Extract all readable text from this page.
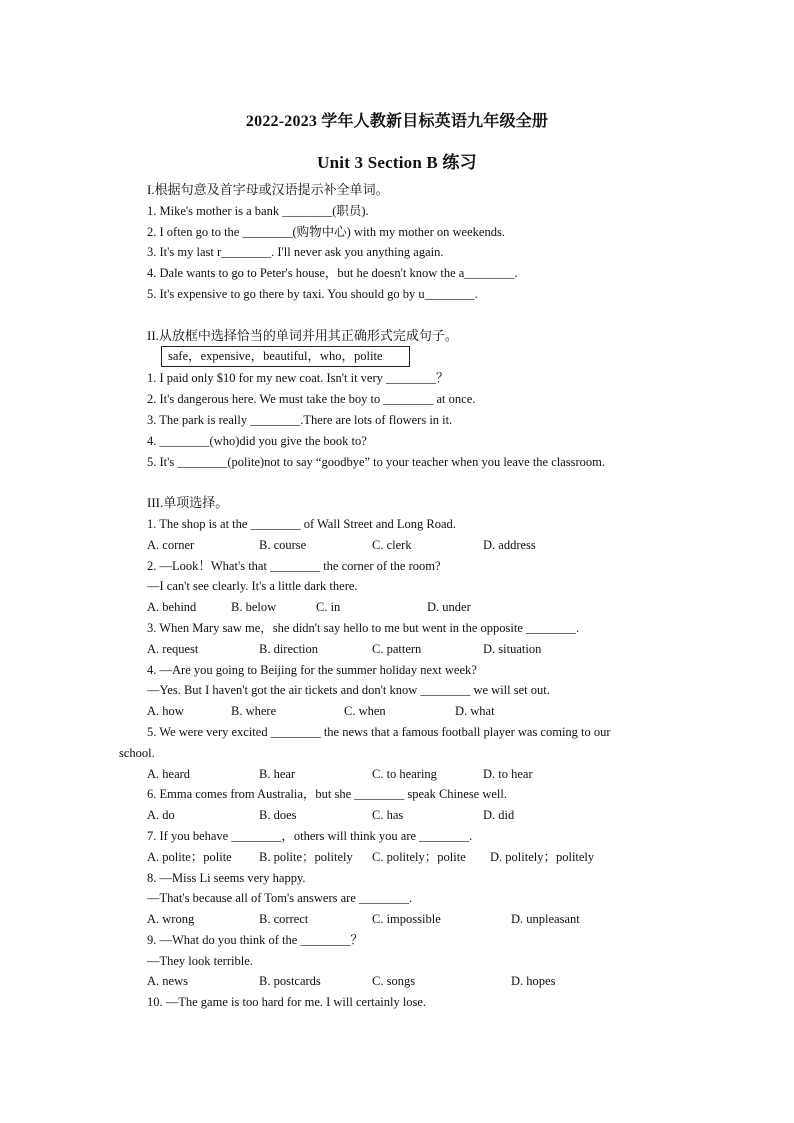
2022-2023 学年人教新目标英语九年级全册
Unit 3 Section B 练习
I.根据句意及首字母或汉语提示补全单词。
1. Mike's mother is a bank ________(职员).
2. I often go to the ________(购物中心) with my mother on weekends.
3. It's my last r________. I'll never ask you anything again.
4. Dale wants to go to Peter's house，but he doesn't know the a________.
5. It's expensive to go there by taxi. You should go by u________.
II.从放框中选择恰当的单词并用其正确形式完成句子。
safe，expensive，beautiful，who，polite
1. I paid only $10 for my new coat. Isn't it very ________？
2. It's dangerous here. We must take the boy to ________ at once.
3. The park is really ________.There are lots of flowers in it.
4. ________(who)did you give the book to?
5. It's ________(polite)not to say “goodbye” to your teacher when you leave the classroom.
III.单项选择。
1. The shop is at the ________ of Wall Street and Long Road.
A. corner	B. course	C. clerk	D. address
2. —Look！What's that ________ the corner of the room?
—I can't see clearly. It's a little dark there.
A. behind	B. below	C. in	D. under
3. When Mary saw me，she didn't say hello to me but went in the opposite ________.
A. request	B. direction	C. pattern	D. situation
4. —Are you going to Beijing for the summer holiday next week?
—Yes. But I haven't got the air tickets and don't know ________ we will set out.
A. how	B. where	C. when	D. what
5. We were very excited ________ the news that a famous football player was coming to our
school.
A. heard	B. hear	C. to hearing	D. to hear
6. Emma comes from Australia，but she ________ speak Chinese well.
A. do	B. does	C. has	D. did
7. If you behave ________，others will think you are ________.
A. polite；polite	B. polite；politely	C. politely；polite	D. politely；politely
8. —Miss Li seems very happy.
—That's because all of Tom's answers are ________.
A. wrong	B. correct	C. impossible	D. unpleasant
9. —What do you think of the ________？
—They look terrible.
A. news	B. postcards	C. songs	D. hopes
10. —The game is too hard for me. I will certainly lose.
